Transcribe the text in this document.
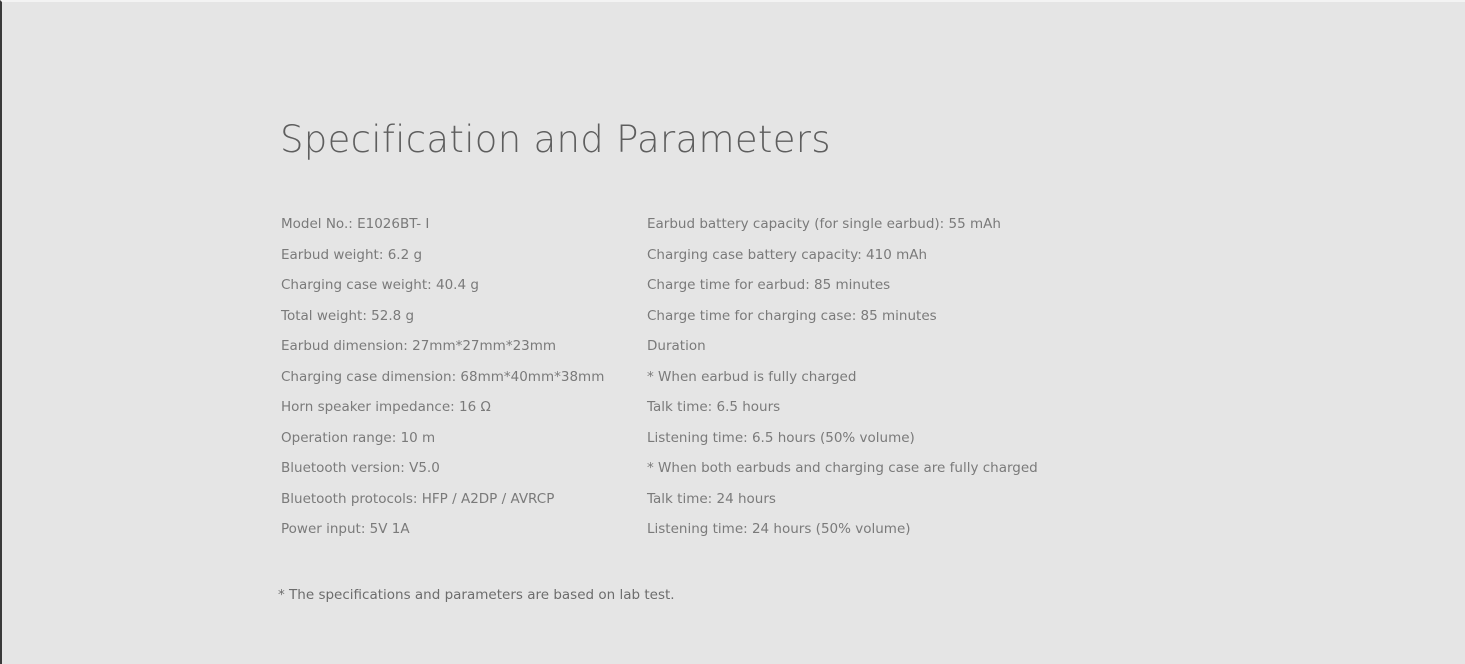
Specification and Parameters
Model No.: E1026BT- I
Earbud weight: 6.2 g
Charging case weight: 40.4 g
Total weight: 52.8 g
Earbud dimension: 27mm*27mm*23mm
Charging case dimension: 68mm*40mm*38mm
Horn speaker impedance: 16 Ω
Operation range: 10 m
Bluetooth version: V5.0
Bluetooth protocols: HFP / A2DP / AVRCP
Power input: 5V 1A
Earbud battery capacity (for single earbud): 55 mAh
Charging case battery capacity: 410 mAh
Charge time for earbud: 85 minutes
Charge time for charging case: 85 minutes
Duration
* When earbud is fully charged
Talk time: 6.5 hours
Listening time: 6.5 hours (50% volume)
* When both earbuds and charging case are fully charged
Talk time: 24 hours
Listening time: 24 hours (50% volume)

* The specifications and parameters are based on lab test.
